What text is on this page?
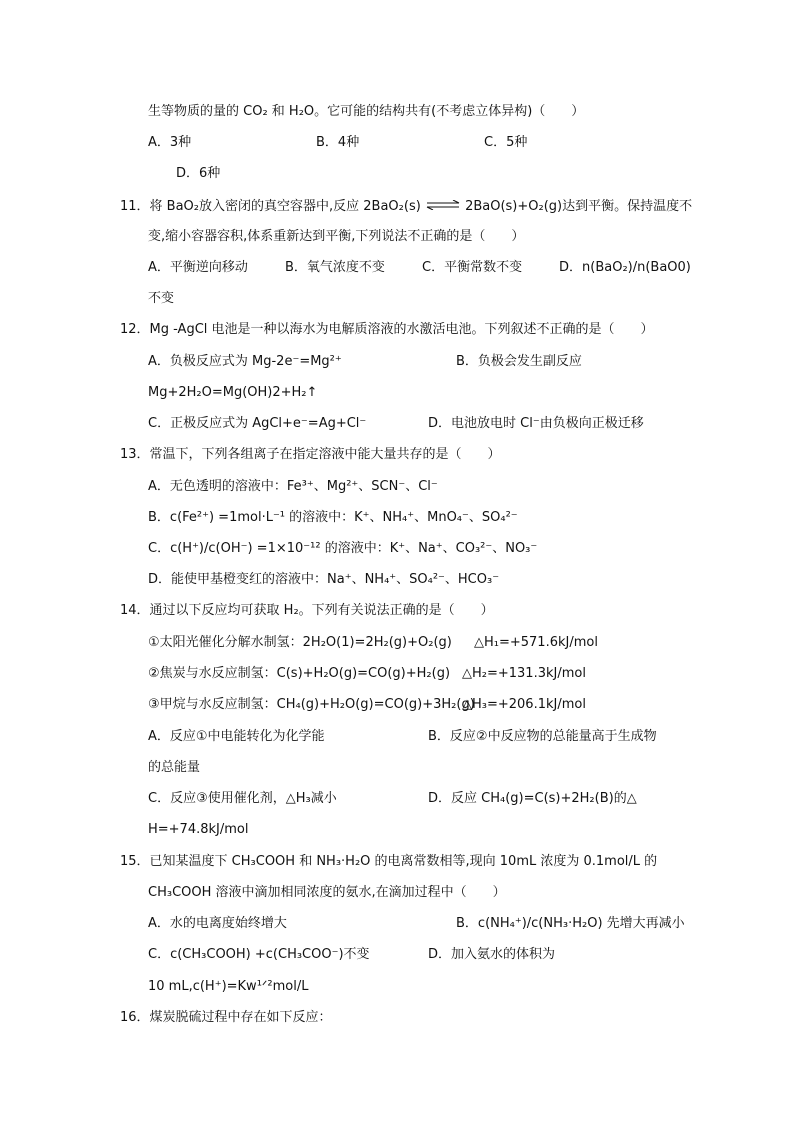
生等物质的量的 CO₂ 和 H₂O。它可能的结构共有(不考虑立体异构)（　　）
A．3种	B．4种	C．5种
D．6种
11．将 BaO₂放入密闭的真空容器中,反应 2BaO₂(s) ⇌ 2BaO(s)+O₂(g)达到平衡。保持温度不
变,缩小容器容积,体系重新达到平衡,下列说法不正确的是（　　）
A．平衡逆向移动	B．氧气浓度不变	C．平衡常数不变	D．n(BaO₂)/n(BaO0)
不变
12．Mg -AgCl 电池是一种以海水为电解质溶液的水激活电池。下列叙述不正确的是（　　）
A．负极反应式为 Mg-2e⁻=Mg²⁺	B．负极会发生副反应
Mg+2H₂O=Mg(OH)2+H₂↑
C．正极反应式为 AgCl+e⁻=Ag+Cl⁻	D．电池放电时 Cl⁻由负极向正极迁移
13．常温下，下列各组离子在指定溶液中能大量共存的是（　　）
A．无色透明的溶液中：Fe³⁺、Mg²⁺、SCN⁻、Cl⁻
B．c(Fe²⁺) =1mol·L⁻¹ 的溶液中：K⁺、NH₄⁺、MnO₄⁻、SO₄²⁻
C．c(H⁺)/c(OH⁻) =1×10⁻¹² 的溶液中：K⁺、Na⁺、CO₃²⁻、NO₃⁻
D．能使甲基橙变红的溶液中：Na⁺、NH₄⁺、SO₄²⁻、HCO₃⁻
14．通过以下反应均可获取 H₂。下列有关说法正确的是（　　）
①太阳光催化分解水制氢：2H₂O(1)=2H₂(g)+O₂(g) △H₁=+571.6kJ/mol
②焦炭与水反应制氢：C(s)+H₂O(g)=CO(g)+H₂(g) △H₂=+131.3kJ/mol
③甲烷与水反应制氢：CH₄(g)+H₂O(g)=CO(g)+3H₂(g)
△H₃=+206.1kJ/mol
A．反应①中电能转化为化学能	B．反应②中反应物的总能量高于生成物
的总能量
C．反应③使用催化剂，△H₃减小	D．反应 CH₄(g)=C(s)+2H₂(B)的△
H=+74.8kJ/mol
15．已知某温度下 CH₃COOH 和 NH₃·H₂O 的电离常数相等,现向 10mL 浓度为 0.1mol/L 的
CH₃COOH 溶液中滴加相同浓度的氨水,在滴加过程中（　　）
A．水的电离度始终增大	B．c(NH₄⁺)/c(NH₃·H₂O) 先增大再减小
C．c(CH₃COOH) +c(CH₃COO⁻)不变	D．加入氨水的体积为
10 mL,c(H⁺)=Kw¹ᐟ²mol/L
16．煤炭脱硫过程中存在如下反应：
